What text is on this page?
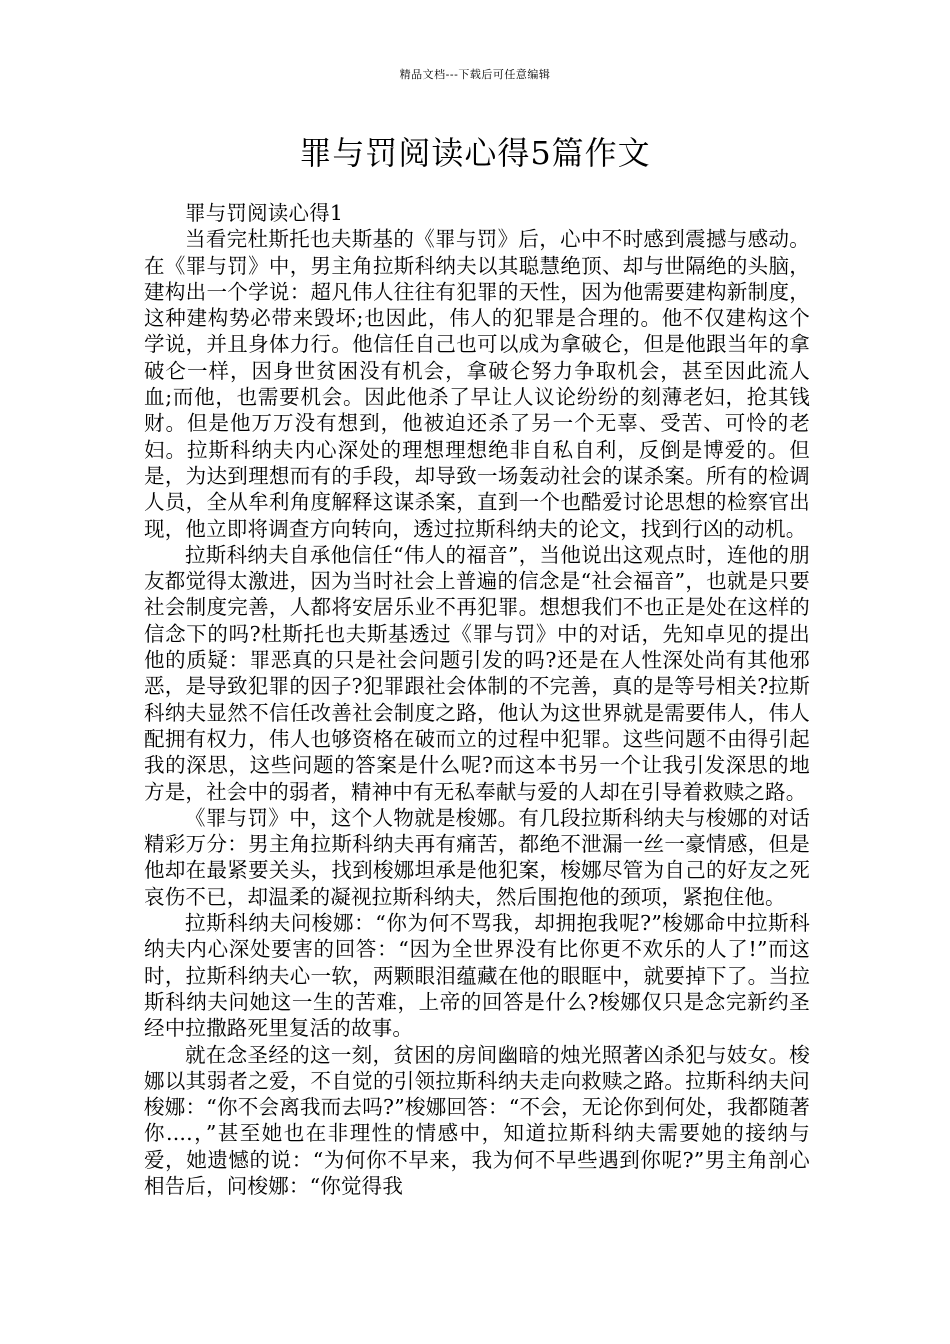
精品文档---下载后可任意编辑
罪与罚阅读心得5篇作文

罪与罚阅读心得1

当看完杜斯托也夫斯基的《罪与罚》后，心中不时感到震撼与感动。在《罪与罚》中，男主角拉斯科纳夫以其聪慧绝顶、却与世隔绝的头脑，建构出一个学说：超凡伟人往往有犯罪的天性，因为他需要建构新制度，这种建构势必带来毁坏;也因此，伟人的犯罪是合理的。他不仅建构这个学说，并且身体力行。他信任自己也可以成为拿破仑，但是他跟当年的拿破仑一样，因身世贫困没有机会，拿破仑努力争取机会，甚至因此流人血;而他，也需要机会。因此他杀了早让人议论纷纷的刻薄老妇，抢其钱财。但是他万万没有想到，他被迫还杀了另一个无辜、受苦、可怜的老妇。拉斯科纳夫内心深处的理想理想绝非自私自利，反倒是博爱的。但是，为达到理想而有的手段，却导致一场轰动社会的谋杀案。所有的检调人员，全从牟利角度解释这谋杀案，直到一个也酷爱讨论思想的检察官出现，他立即将调查方向转向，透过拉斯科纳夫的论文，找到行凶的动机。

拉斯科纳夫自承他信任“伟人的福音”，当他说出这观点时，连他的朋友都觉得太激进，因为当时社会上普遍的信念是“社会福音”，也就是只要社会制度完善，人都将安居乐业不再犯罪。想想我们不也正是处在这样的信念下的吗?杜斯托也夫斯基透过《罪与罚》中的对话，先知卓见的提出他的质疑：罪恶真的只是社会问题引发的吗?还是在人性深处尚有其他邪恶，是导致犯罪的因子?犯罪跟社会体制的不完善，真的是等号相关?拉斯科纳夫显然不信任改善社会制度之路，他认为这世界就是需要伟人，伟人配拥有权力，伟人也够资格在破而立的过程中犯罪。这些问题不由得引起我的深思，这些问题的答案是什么呢?而这本书另一个让我引发深思的地方是，社会中的弱者，精神中有无私奉献与爱的人却在引导着救赎之路。

《罪与罚》中，这个人物就是梭娜。有几段拉斯科纳夫与梭娜的对话精彩万分：男主角拉斯科纳夫再有痛苦，都绝不泄漏一丝一豪情感，但是他却在最紧要关头，找到梭娜坦承是他犯案，梭娜尽管为自己的好友之死哀伤不已，却温柔的凝视拉斯科纳夫，然后围抱他的颈项，紧抱住他。

拉斯科纳夫问梭娜：“你为何不骂我，却拥抱我呢?”梭娜命中拉斯科纳夫内心深处要害的回答：“因为全世界没有比你更不欢乐的人了!”而这时，拉斯科纳夫心一软，两颗眼泪蕴藏在他的眼眶中，就要掉下了。当拉斯科纳夫问她这一生的苦难，上帝的回答是什么?梭娜仅只是念完新约圣经中拉撒路死里复活的故事。

就在念圣经的这一刻，贫困的房间幽暗的烛光照著凶杀犯与妓女。梭娜以其弱者之爱，不自觉的引领拉斯科纳夫走向救赎之路。拉斯科纳夫问梭娜：“你不会离我而去吗?”梭娜回答：“不会，无论你到何处，我都随著你....，”甚至她也在非理性的情感中，知道拉斯科纳夫需要她的接纳与爱，她遗憾的说：“为何你不早来，我为何不早些遇到你呢?”男主角剖心相告后，问梭娜：“你觉得我
